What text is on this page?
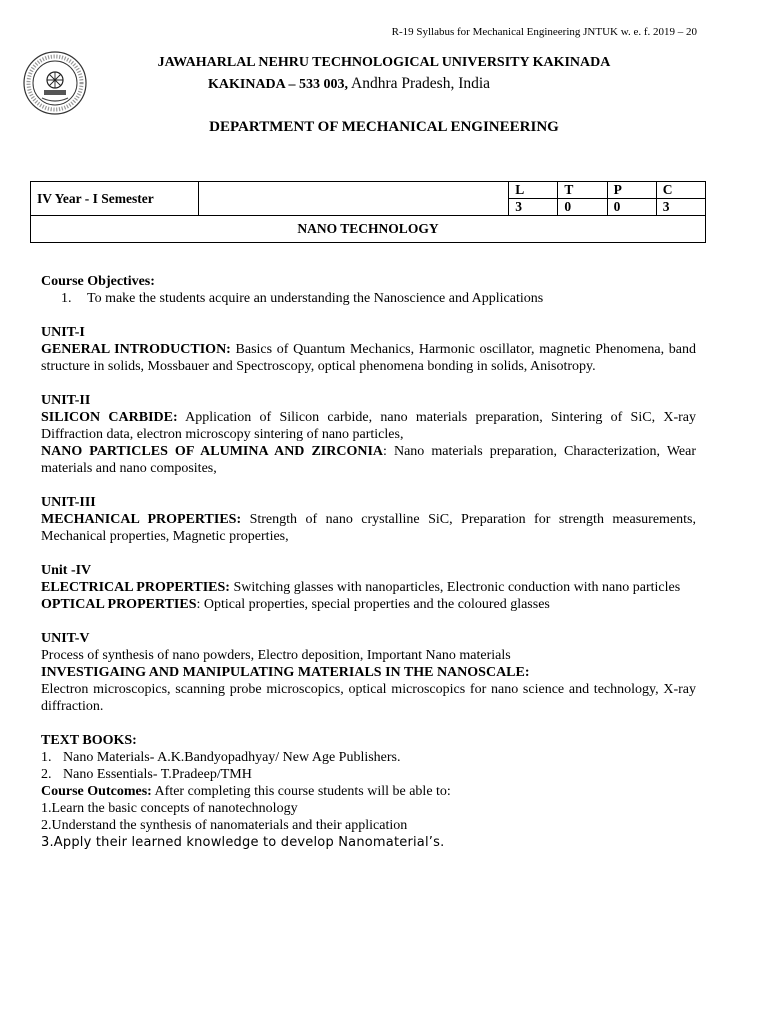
R-19 Syllabus for Mechanical Engineering JNTUK w. e. f. 2019 – 20
JAWAHARLAL NEHRU TECHNOLOGICAL UNIVERSITY KAKINADA
KAKINADA – 533 003, Andhra Pradesh, India
DEPARTMENT OF MECHANICAL ENGINEERING
IV Year - I Semester		L	T	P	C
		3	0	0	3
NANO TECHNOLOGY					

Course Objectives:

1. To make the students acquire an understanding the Nanoscience and Applications

UNIT-I

GENERAL INTRODUCTION: Basics of Quantum Mechanics, Harmonic oscillator, magnetic Phenomena, band structure in solids, Mossbauer and Spectroscopy, optical phenomena bonding in solids, Anisotropy.

UNIT-II

SILICON CARBIDE: Application of Silicon carbide, nano materials preparation, Sintering of SiC, X-ray Diffraction data, electron microscopy sintering of nano particles,

NANO PARTICLES OF ALUMINA AND ZIRCONIA: Nano materials preparation, Characterization, Wear materials and nano composites,

UNIT-III

MECHANICAL PROPERTIES: Strength of nano crystalline SiC, Preparation for strength measurements, Mechanical properties, Magnetic properties,

Unit -IV

ELECTRICAL PROPERTIES: Switching glasses with nanoparticles, Electronic conduction with nano particles

OPTICAL PROPERTIES: Optical properties, special properties and the coloured glasses

UNIT-V

Process of synthesis of nano powders, Electro deposition, Important Nano materials

INVESTIGAING AND MANIPULATING MATERIALS IN THE NANOSCALE:

Electron microscopics, scanning probe microscopics, optical microscopics for nano science and technology, X-ray diffraction.

TEXT BOOKS:

1. Nano Materials- A.K.Bandyopadhyay/ New Age Publishers.

2. Nano Essentials- T.Pradeep/TMH

Course Outcomes: After completing this course students will be able to:

1.Learn the basic concepts of nanotechnology

2.Understand the synthesis of nanomaterials and their application

3.Apply their learned knowledge to develop Nanomaterial’s.
